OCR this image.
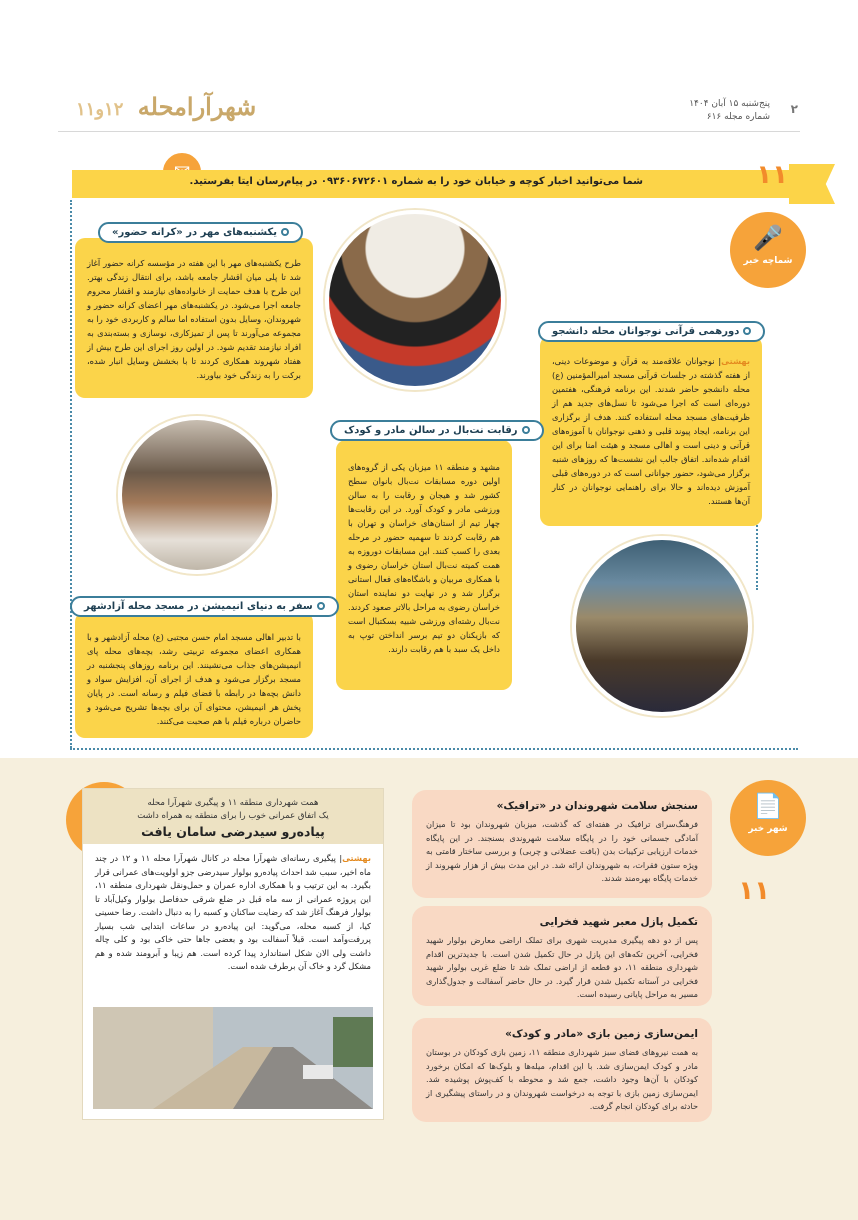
شهرآرامحله ۱۲و۱۱	پنج‌شنبه ۱۵ آبان ۱۴۰۴
شماره مجله ۶۱۶
۲
شما می‌توانید اخبار کوچه و خیابان خود را به شماره ۰۹۳۶۰۶۷۲۶۰۱ در پیام‌رسان ایتا بفرستید.	۱۱
🎤
شماچه خبر
طرح یکشنبه‌های مهر با این هفته در مؤسسه کرانه حضور آغاز شد تا پلی میان اقشار جامعه باشد، برای انتقال زندگی بهتر. این طرح با هدف حمایت از خانواده‌های نیازمند و اقشار محروم جامعه اجرا می‌شود. در یکشنبه‌های مهر اعضای کرانه حضور و شهروندان، وسایل بدون استفاده اما سالم و کاربردی خود را به مجموعه می‌آورند تا پس از تمیزکاری، نوسازی و بسته‌بندی به افراد نیازمند تقدیم شود. در اولین روز اجرای این طرح بیش از هفتاد شهروند همکاری کردند تا با بخشش وسایل انبار شده، برکت را به زندگی خود بیاورند.
یکشنبه‌های مهر در «کرانه حضور»
بهشتی| نوجوانان علاقه‌مند به قرآن و موضوعات دینی، از هفته گذشته در جلسات قرآنی مسجد امیرالمؤمنین (ع) محله دانشجو حاضر شدند. این برنامه فرهنگی، هفتمین دوره‌ای است که اجرا می‌شود تا نسل‌های جدید هم از ظرفیت‌های مسجد محله استفاده کنند. هدف از برگزاری این برنامه، ایجاد پیوند قلبی و ذهنی نوجوانان با آموزه‌های قرآنی و دینی است و اهالی مسجد و هیئت امنا برای این اقدام شده‌اند. اتفاق جالب این نشست‌ها که روزهای شنبه برگزار می‌شود، حضور جوانانی است که در دوره‌های قبلی آموزش دیده‌اند و حالا برای راهنمایی نوجوانان در کنار آن‌ها هستند.
دورهمی قرآنی نوجوانان محله دانشجو
مشهد و منطقه ۱۱ میزبان یکی از گروه‌های اولین دوره مسابقات نت‌بال بانوان سطح کشور شد و هیجان و رقابت را به سالن ورزشی مادر و کودک آورد. در این رقابت‌ها چهار تیم از استان‌های خراسان و تهران با هم رقابت کردند تا سهمیه حضور در مرحله بعدی را کسب کنند. این مسابقات دوروزه به همت کمیته نت‌بال استان خراسان رضوی و با همکاری مربیان و باشگاه‌های فعال استانی برگزار شد و در نهایت دو نماینده استان خراسان رضوی به مراحل بالاتر صعود کردند. نت‌بال رشته‌ای ورزشی شبیه بسکتبال است که بازیکنان دو تیم برسر انداختن توپ به داخل یک سبد با هم رقابت دارند.
رقابت نت‌بال در سالن مادر و کودک
با تدبیر اهالی مسجد امام حسن مجتبی (ع) محله آزادشهر و با همکاری اعضای مجموعه تربیتی رشد، بچه‌های محله پای انیمیشن‌های جذاب می‌نشینند. این برنامه روزهای پنجشنبه در مسجد برگزار می‌شود و هدف از اجرای آن، افزایش سواد و دانش بچه‌ها در رابطه با فضای فیلم و رسانه است. در پایان پخش هر انیمیشن، محتوای آن برای بچه‌ها تشریح می‌شود و حاضران درباره فیلم با هم صحبت می‌کنند.
سفر به دنیای انیمیشن در مسجد محله آزادشهر
همت شهرداری منطقه ۱۱ و پیگیری شهرآرا محله
یک اتفاق عمرانی خوب را برای منطقه به همراه داشت
پیاده‌رو سیدرضی سامان یافت
بهشتی| پیگیری رسانه‌ای شهرآرا محله در کانال شهرآرا محله ۱۱ و ۱۲ در چند ماه اخیر، سبب شد احداث پیاده‌رو بولوار سیدرضی جزو اولویت‌های عمرانی قرار بگیرد. به این ترتیب و با همکاری اداره عمران و حمل‌ونقل شهرداری منطقه ۱۱، این پروژه عمرانی از سه ماه قبل در ضلع شرقی حدفاصل بولوار وکیل‌آباد تا بولوار فرهنگ آغاز شد که رضایت ساکنان و کسبه را به دنبال داشت. رضا حسینی کیا، از کسبه محله، می‌گوید: این پیاده‌رو در ساعات ابتدایی شب بسیار پررفت‌وآمد است. قبلاً آسفالت بود و بعضی جاها حتی خاکی بود و کلی چاله داشت ولی الان شکل استاندارد پیدا کرده است. هم زیبا و آبرومند شده و هم مشکل گرد و خاک آن برطرف شده است.
📄
شهر خبر
۱۱
سنجش سلامت شهروندان در «ترافیک»

فرهنگ‌سرای ترافیک در هفته‌ای که گذشت، میزبان شهروندان بود تا میزان آمادگی جسمانی خود را در پایگاه سلامت شهروندی بسنجند. در این پایگاه خدمات ارزیابی ترکیبات بدن (بافت عضلانی و چربی) و بررسی ساختار قامتی به ویژه ستون فقرات، به شهروندان ارائه شد. در این مدت بیش از هزار شهروند از خدمات پایگاه بهره‌مند شدند.

تکمیل پازل معبر شهید فخرایی

پس از دو دهه پیگیری مدیریت شهری برای تملک اراضی معارض بولوار شهید فخرایی، آخرین تکه‌های این پازل در حال تکمیل شدن است. با جدیدترین اقدام شهرداری منطقه ۱۱، دو قطعه از اراضی تملک شد تا ضلع غربی بولوار شهید فخرایی در آستانه تکمیل شدن قرار گیرد. در حال حاضر آسفالت و جدول‌گذاری مسیر به مراحل پایانی رسیده است.

ایمن‌سازی زمین بازی «مادر و کودک»

به همت نیروهای فضای سبز شهرداری منطقه ۱۱، زمین بازی کودکان در بوستان مادر و کودک ایمن‌سازی شد. با این اقدام، میله‌ها و بلوک‌ها که امکان برخورد کودکان با آن‌ها وجود داشت، جمع شد و محوطه با کف‌پوش پوشیده شد. ایمن‌سازی زمین بازی با توجه به درخواست شهروندان و در راستای پیشگیری از حادثه برای کودکان انجام گرفت.
